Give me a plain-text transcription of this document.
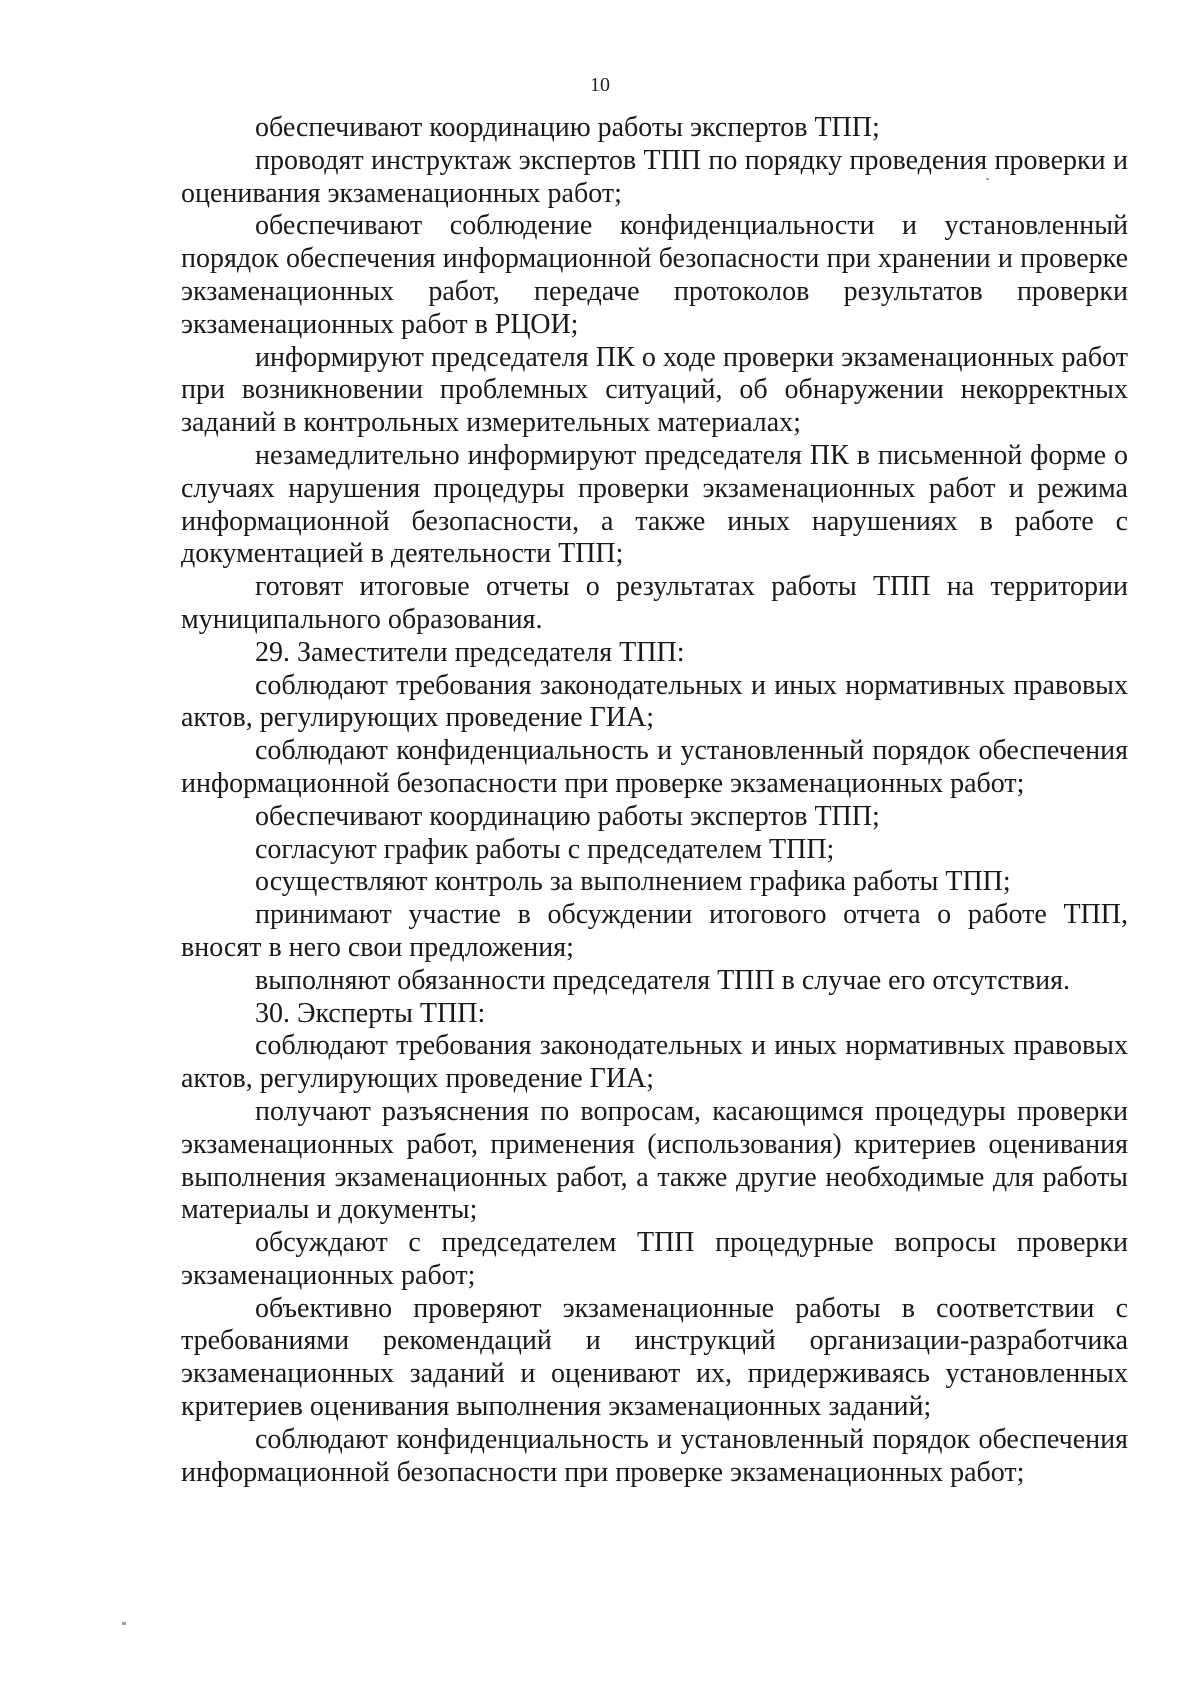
10

обеспечивают координацию работы экспертов ТПП;

проводят инструктаж экспертов ТПП по порядку проведения проверки и оценивания экзаменационных работ;

обеспечивают соблюдение конфиденциальности и установленный порядок обеспечения информационной безопасности при хранении и проверке экзаменационных работ, передаче протоколов результатов проверки экзаменационных работ в РЦОИ;

информируют председателя ПК о ходе проверки экзаменационных работ при возникновении проблемных ситуаций, об обнаружении некорректных заданий в контрольных измерительных материалах;

незамедлительно информируют председателя ПК в письменной форме о случаях нарушения процедуры проверки экзаменационных работ и режима информационной безопасности, а также иных нарушениях в работе с документацией в деятельности ТПП;

готовят итоговые отчеты о результатах работы ТПП на территории муниципального образования.

29. Заместители председателя ТПП:

соблюдают требования законодательных и иных нормативных правовых актов, регулирующих проведение ГИА;

соблюдают конфиденциальность и установленный порядок обеспечения информационной безопасности при проверке экзаменационных работ;

обеспечивают координацию работы экспертов ТПП;

согласуют график работы с председателем ТПП;

осуществляют контроль за выполнением графика работы ТПП;

принимают участие в обсуждении итогового отчета о работе ТПП, вносят в него свои предложения;

выполняют обязанности председателя ТПП в случае его отсутствия.

30. Эксперты ТПП:

соблюдают требования законодательных и иных нормативных правовых актов, регулирующих проведение ГИА;

получают разъяснения по вопросам, касающимся процедуры проверки экзаменационных работ, применения (использования) критериев оценивания выполнения экзаменационных работ, а также другие необходимые для работы материалы и документы;

обсуждают с председателем ТПП процедурные вопросы проверки экзаменационных работ;

объективно проверяют экзаменационные работы в соответствии с требованиями рекомендаций и инструкций организации-разработчика экзаменационных заданий и оценивают их, придерживаясь установленных критериев оценивания выполнения экзаменационных заданий;

соблюдают конфиденциальность и установленный порядок обеспечения информационной безопасности при проверке экзаменационных работ;
